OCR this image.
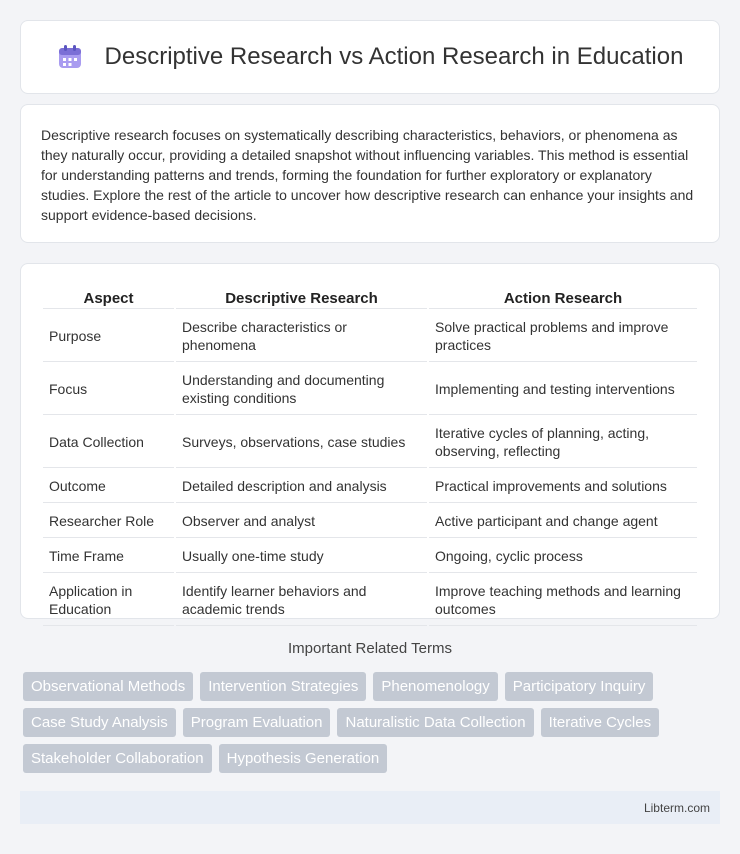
Descriptive Research vs Action Research in Education

Descriptive research focuses on systematically describing characteristics, behaviors, or phenomena as they naturally occur, providing a detailed snapshot without influencing variables. This method is essential for understanding patterns and trends, forming the foundation for further exploratory or explanatory studies. Explore the rest of the article to uncover how descriptive research can enhance your insights and support evidence-based decisions.

Aspect	Descriptive Research	Action Research
Purpose	Describe characteristics or phenomena	Solve practical problems and improve practices
Focus	Understanding and documenting existing conditions	Implementing and testing interventions
Data Collection	Surveys, observations, case studies	Iterative cycles of planning, acting, observing, reflecting
Outcome	Detailed description and analysis	Practical improvements and solutions
Researcher Role	Observer and analyst	Active participant and change agent
Time Frame	Usually one-time study	Ongoing, cyclic process
Application in Education	Identify learner behaviors and academic trends	Improve teaching methods and learning outcomes
Important Related Terms
Observational Methods	Intervention Strategies	Phenomenology	Participatory Inquiry
Case Study Analysis	Program Evaluation	Naturalistic Data Collection	Iterative Cycles
Stakeholder Collaboration	Hypothesis Generation
Libterm.com
